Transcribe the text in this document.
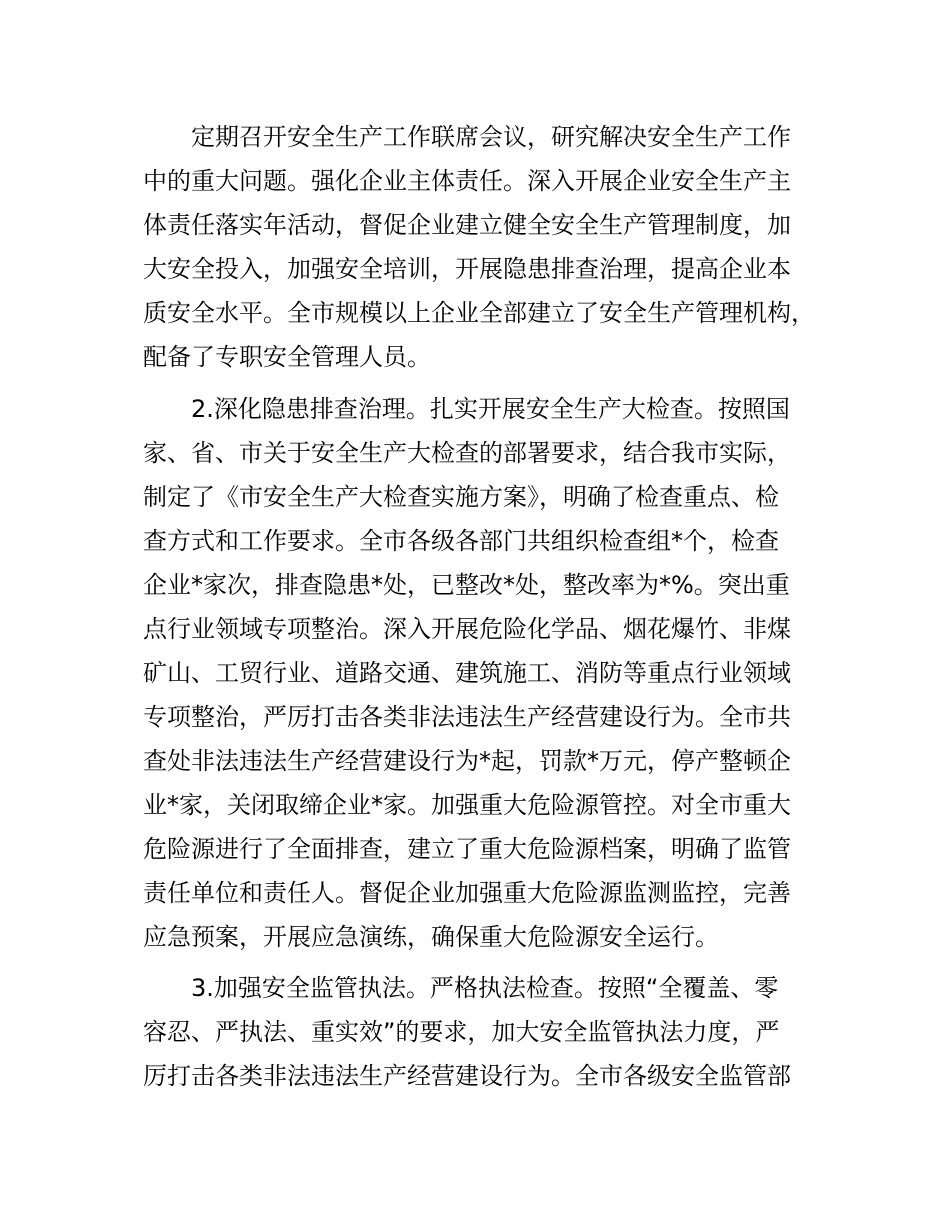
定期召开安全生产工作联席会议，研究解决安全生产工作
中的重大问题。强化企业主体责任。深入开展企业安全生产主
体责任落实年活动，督促企业建立健全安全生产管理制度，加
大安全投入，加强安全培训，开展隐患排查治理，提高企业本
质安全水平。全市规模以上企业全部建立了安全生产管理机构，
配备了专职安全管理人员。
2.深化隐患排查治理。扎实开展安全生产大检查。按照国
家、省、市关于安全生产大检查的部署要求，结合我市实际，
制定了《市安全生产大检查实施方案》，明确了检查重点、检
查方式和工作要求。全市各级各部门共组织检查组*个，检查
企业*家次，排查隐患*处，已整改*处，整改率为*%。突出重
点行业领域专项整治。深入开展危险化学品、烟花爆竹、非煤
矿山、工贸行业、道路交通、建筑施工、消防等重点行业领域
专项整治，严厉打击各类非法违法生产经营建设行为。全市共
查处非法违法生产经营建设行为*起，罚款*万元，停产整顿企
业*家，关闭取缔企业*家。加强重大危险源管控。对全市重大
危险源进行了全面排查，建立了重大危险源档案，明确了监管
责任单位和责任人。督促企业加强重大危险源监测监控，完善
应急预案，开展应急演练，确保重大危险源安全运行。
3.加强安全监管执法。严格执法检查。按照“全覆盖、零
容忍、严执法、重实效”的要求，加大安全监管执法力度，严
厉打击各类非法违法生产经营建设行为。全市各级安全监管部
